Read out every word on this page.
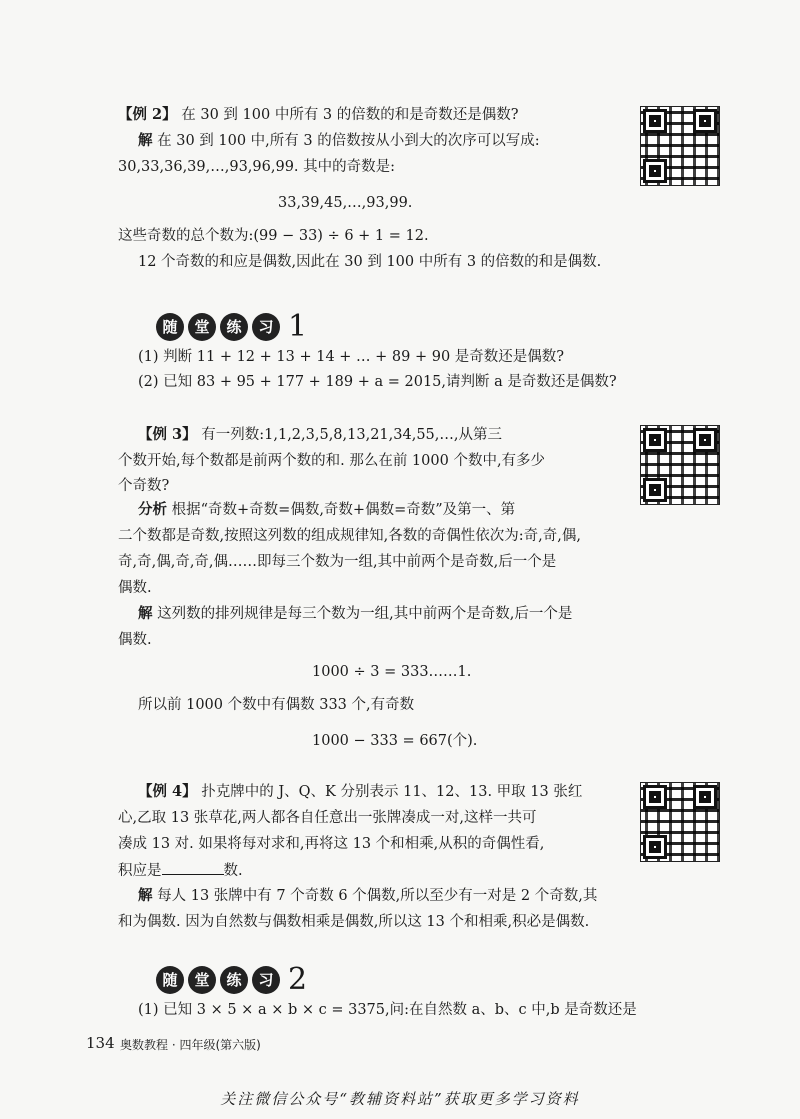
【例 2】 在 30 到 100 中所有 3 的倍数的和是奇数还是偶数?
解 在 30 到 100 中,所有 3 的倍数按从小到大的次序可以写成:
30,33,36,39,…,93,96,99. 其中的奇数是:
33,39,45,…,93,99.
这些奇数的总个数为:(99 − 33) ÷ 6 + 1 = 12.
12 个奇数的和应是偶数,因此在 30 到 100 中所有 3 的倍数的和是偶数.
随	堂	练	习 1
(1) 判断 11 + 12 + 13 + 14 + … + 89 + 90 是奇数还是偶数?
(2) 已知 83 + 95 + 177 + 189 + a = 2015,请判断 a 是奇数还是偶数?
【例 3】 有一列数:1,1,2,3,5,8,13,21,34,55,…,从第三
个数开始,每个数都是前两个数的和. 那么在前 1000 个数中,有多少
个奇数?
分析 根据“奇数+奇数=偶数,奇数+偶数=奇数”及第一、第
二个数都是奇数,按照这列数的组成规律知,各数的奇偶性依次为:奇,奇,偶,
奇,奇,偶,奇,奇,偶……即每三个数为一组,其中前两个是奇数,后一个是
偶数.
解 这列数的排列规律是每三个数为一组,其中前两个是奇数,后一个是
偶数.
1000 ÷ 3 = 333……1.
所以前 1000 个数中有偶数 333 个,有奇数
1000 − 333 = 667(个).
【例 4】 扑克牌中的 J、Q、K 分别表示 11、12、13. 甲取 13 张红
心,乙取 13 张草花,两人都各自任意出一张牌凑成一对,这样一共可
凑成 13 对. 如果将每对求和,再将这 13 个和相乘,从积的奇偶性看,
积应是	数.
解 每人 13 张牌中有 7 个奇数 6 个偶数,所以至少有一对是 2 个奇数,其
和为偶数. 因为自然数与偶数相乘是偶数,所以这 13 个和相乘,积必是偶数.
随	堂	练	习 2
(1) 已知 3 × 5 × a × b × c = 3375,问:在自然数 a、b、c 中,b 是奇数还是
134 奥数教程 · 四年级(第六版)
关注微信公众号“教辅资料站”获取更多学习资料
